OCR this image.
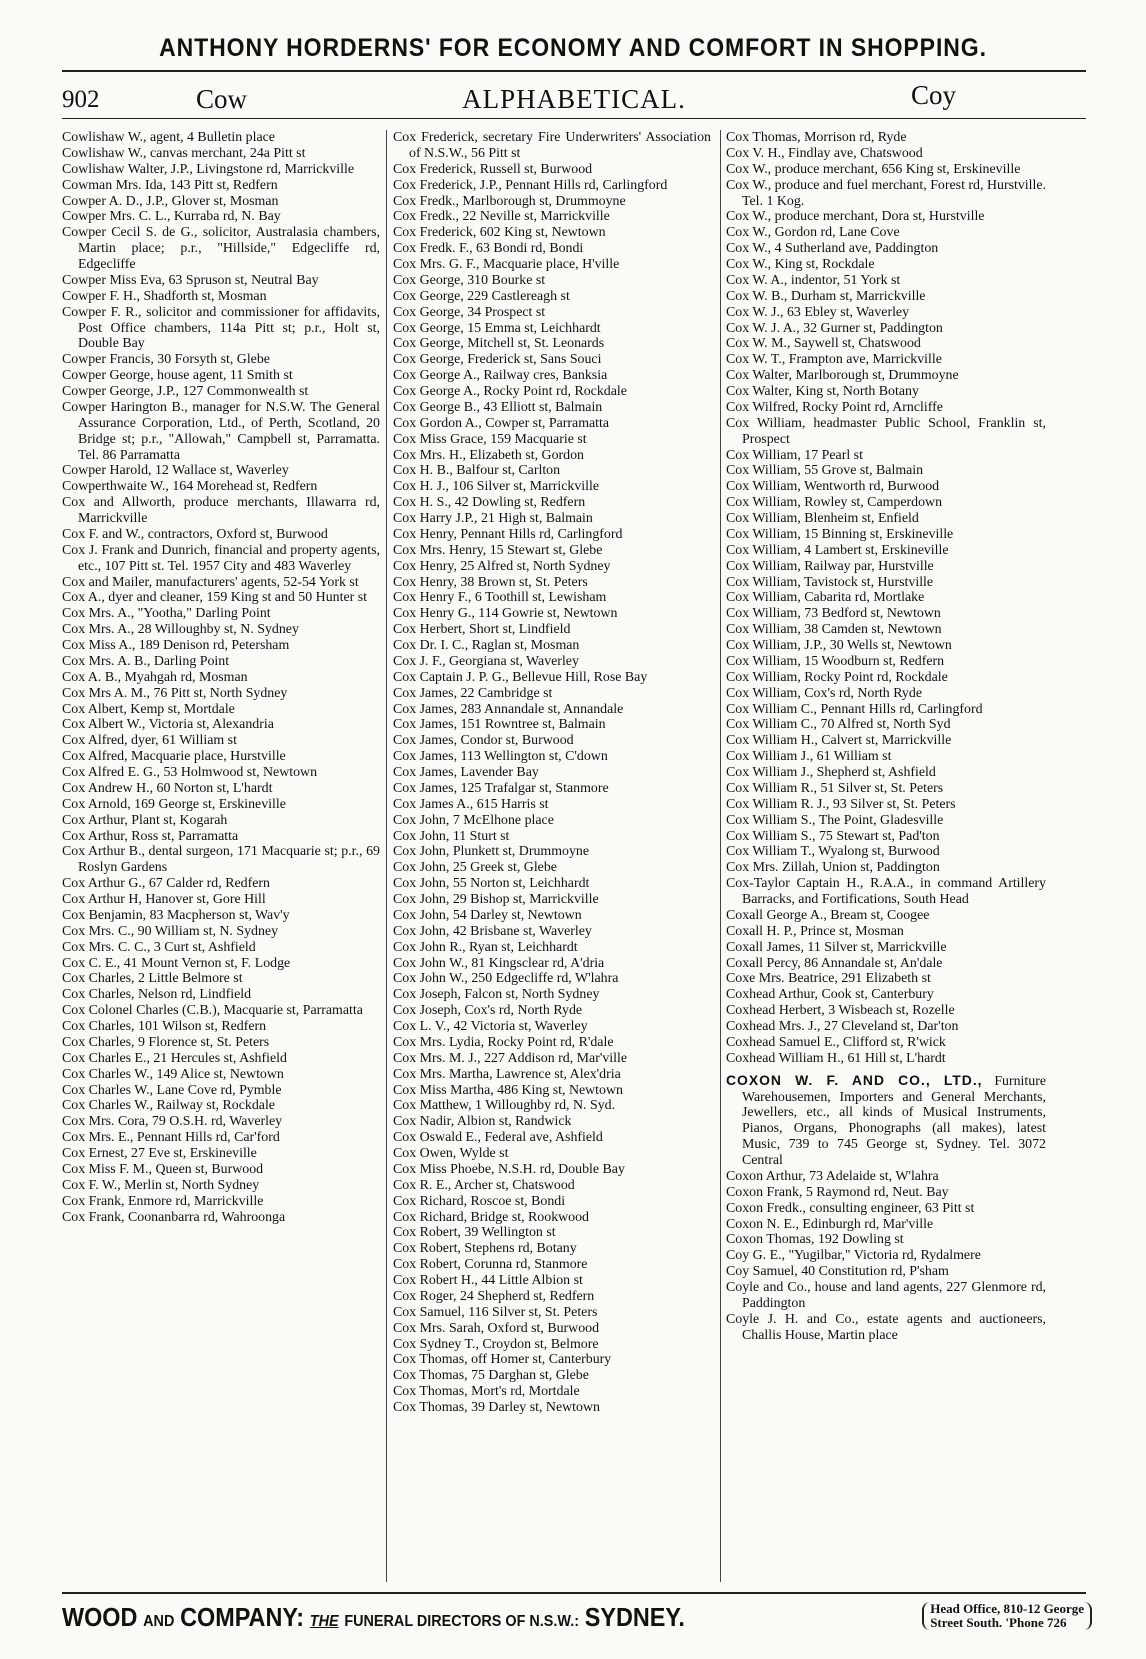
ANTHONY HORDERNS' FOR ECONOMY AND COMFORT IN SHOPPING.
902	Cow	ALPHABETICAL.	Coy

Cowlishaw W., agent, 4 Bulletin place

Cowlishaw W., canvas merchant, 24a Pitt st

Cowlishaw Walter, J.P., Livingstone rd, Marrickville

Cowman Mrs. Ida, 143 Pitt st, Redfern

Cowper A. D., J.P., Glover st, Mosman

Cowper Mrs. C. L., Kurraba rd, N. Bay

Cowper Cecil S. de G., solicitor, Australasia chambers, Martin place; p.r., "Hillside," Edgecliffe rd, Edgecliffe

Cowper Miss Eva, 63 Spruson st, Neutral Bay

Cowper F. H., Shadforth st, Mosman

Cowper F. R., solicitor and commissioner for affidavits, Post Office chambers, 114a Pitt st; p.r., Holt st, Double Bay

Cowper Francis, 30 Forsyth st, Glebe

Cowper George, house agent, 11 Smith st

Cowper George, J.P., 127 Commonwealth st

Cowper Harington B., manager for N.S.W. The General Assurance Corporation, Ltd., of Perth, Scotland, 20 Bridge st; p.r., "Allowah," Campbell st, Parramatta. Tel. 86 Parramatta

Cowper Harold, 12 Wallace st, Waverley

Cowperthwaite W., 164 Morehead st, Redfern

Cox and Allworth, produce merchants, Illawarra rd, Marrickville

Cox F. and W., contractors, Oxford st, Burwood

Cox J. Frank and Dunrich, financial and property agents, etc., 107 Pitt st. Tel. 1957 City and 483 Waverley

Cox and Mailer, manufacturers' agents, 52-54 York st

Cox A., dyer and cleaner, 159 King st and 50 Hunter st

Cox Mrs. A., "Yootha," Darling Point

Cox Mrs. A., 28 Willoughby st, N. Sydney

Cox Miss A., 189 Denison rd, Petersham

Cox Mrs. A. B., Darling Point

Cox A. B., Myahgah rd, Mosman

Cox Mrs A. M., 76 Pitt st, North Sydney

Cox Albert, Kemp st, Mortdale

Cox Albert W., Victoria st, Alexandria

Cox Alfred, dyer, 61 William st

Cox Alfred, Macquarie place, Hurstville

Cox Alfred E. G., 53 Holmwood st, Newtown

Cox Andrew H., 60 Norton st, L'hardt

Cox Arnold, 169 George st, Erskineville

Cox Arthur, Plant st, Kogarah

Cox Arthur, Ross st, Parramatta

Cox Arthur B., dental surgeon, 171 Macquarie st; p.r., 69 Roslyn Gardens

Cox Arthur G., 67 Calder rd, Redfern

Cox Arthur H, Hanover st, Gore Hill

Cox Benjamin, 83 Macpherson st, Wav'y

Cox Mrs. C., 90 William st, N. Sydney

Cox Mrs. C. C., 3 Curt st, Ashfield

Cox C. E., 41 Mount Vernon st, F. Lodge

Cox Charles, 2 Little Belmore st

Cox Charles, Nelson rd, Lindfield

Cox Colonel Charles (C.B.), Macquarie st, Parramatta

Cox Charles, 101 Wilson st, Redfern

Cox Charles, 9 Florence st, St. Peters

Cox Charles E., 21 Hercules st, Ashfield

Cox Charles W., 149 Alice st, Newtown

Cox Charles W., Lane Cove rd, Pymble

Cox Charles W., Railway st, Rockdale

Cox Mrs. Cora, 79 O.S.H. rd, Waverley

Cox Mrs. E., Pennant Hills rd, Car'ford

Cox Ernest, 27 Eve st, Erskineville

Cox Miss F. M., Queen st, Burwood

Cox F. W., Merlin st, North Sydney

Cox Frank, Enmore rd, Marrickville

Cox Frank, Coonanbarra rd, Wahroonga

Cox Frederick, secretary Fire Underwriters' Association of N.S.W., 56 Pitt st

Cox Frederick, Russell st, Burwood

Cox Frederick, J.P., Pennant Hills rd, Carlingford

Cox Fredk., Marlborough st, Drummoyne

Cox Fredk., 22 Neville st, Marrickville

Cox Frederick, 602 King st, Newtown

Cox Fredk. F., 63 Bondi rd, Bondi

Cox Mrs. G. F., Macquarie place, H'ville

Cox George, 310 Bourke st

Cox George, 229 Castlereagh st

Cox George, 34 Prospect st

Cox George, 15 Emma st, Leichhardt

Cox George, Mitchell st, St. Leonards

Cox George, Frederick st, Sans Souci

Cox George A., Railway cres, Banksia

Cox George A., Rocky Point rd, Rockdale

Cox George B., 43 Elliott st, Balmain

Cox Gordon A., Cowper st, Parramatta

Cox Miss Grace, 159 Macquarie st

Cox Mrs. H., Elizabeth st, Gordon

Cox H. B., Balfour st, Carlton

Cox H. J., 106 Silver st, Marrickville

Cox H. S., 42 Dowling st, Redfern

Cox Harry J.P., 21 High st, Balmain

Cox Henry, Pennant Hills rd, Carlingford

Cox Mrs. Henry, 15 Stewart st, Glebe

Cox Henry, 25 Alfred st, North Sydney

Cox Henry, 38 Brown st, St. Peters

Cox Henry F., 6 Toothill st, Lewisham

Cox Henry G., 114 Gowrie st, Newtown

Cox Herbert, Short st, Lindfield

Cox Dr. I. C., Raglan st, Mosman

Cox J. F., Georgiana st, Waverley

Cox Captain J. P. G., Bellevue Hill, Rose Bay

Cox James, 22 Cambridge st

Cox James, 283 Annandale st, Annandale

Cox James, 151 Rowntree st, Balmain

Cox James, Condor st, Burwood

Cox James, 113 Wellington st, C'down

Cox James, Lavender Bay

Cox James, 125 Trafalgar st, Stanmore

Cox James A., 615 Harris st

Cox John, 7 McElhone place

Cox John, 11 Sturt st

Cox John, Plunkett st, Drummoyne

Cox John, 25 Greek st, Glebe

Cox John, 55 Norton st, Leichhardt

Cox John, 29 Bishop st, Marrickville

Cox John, 54 Darley st, Newtown

Cox John, 42 Brisbane st, Waverley

Cox John R., Ryan st, Leichhardt

Cox John W., 81 Kingsclear rd, A'dria

Cox John W., 250 Edgecliffe rd, W'lahra

Cox Joseph, Falcon st, North Sydney

Cox Joseph, Cox's rd, North Ryde

Cox L. V., 42 Victoria st, Waverley

Cox Mrs. Lydia, Rocky Point rd, R'dale

Cox Mrs. M. J., 227 Addison rd, Mar'ville

Cox Mrs. Martha, Lawrence st, Alex'dria

Cox Miss Martha, 486 King st, Newtown

Cox Matthew, 1 Willoughby rd, N. Syd.

Cox Nadir, Albion st, Randwick

Cox Oswald E., Federal ave, Ashfield

Cox Owen, Wylde st

Cox Miss Phoebe, N.S.H. rd, Double Bay

Cox R. E., Archer st, Chatswood

Cox Richard, Roscoe st, Bondi

Cox Richard, Bridge st, Rookwood

Cox Robert, 39 Wellington st

Cox Robert, Stephens rd, Botany

Cox Robert, Corunna rd, Stanmore

Cox Robert H., 44 Little Albion st

Cox Roger, 24 Shepherd st, Redfern

Cox Samuel, 116 Silver st, St. Peters

Cox Mrs. Sarah, Oxford st, Burwood

Cox Sydney T., Croydon st, Belmore

Cox Thomas, off Homer st, Canterbury

Cox Thomas, 75 Darghan st, Glebe

Cox Thomas, Mort's rd, Mortdale

Cox Thomas, 39 Darley st, Newtown

Cox Thomas, Morrison rd, Ryde

Cox V. H., Findlay ave, Chatswood

Cox W., produce merchant, 656 King st, Erskineville

Cox W., produce and fuel merchant, Forest rd, Hurstville. Tel. 1 Kog.

Cox W., produce merchant, Dora st, Hurstville

Cox W., Gordon rd, Lane Cove

Cox W., 4 Sutherland ave, Paddington

Cox W., King st, Rockdale

Cox W. A., indentor, 51 York st

Cox W. B., Durham st, Marrickville

Cox W. J., 63 Ebley st, Waverley

Cox W. J. A., 32 Gurner st, Paddington

Cox W. M., Saywell st, Chatswood

Cox W. T., Frampton ave, Marrickville

Cox Walter, Marlborough st, Drummoyne

Cox Walter, King st, North Botany

Cox Wilfred, Rocky Point rd, Arncliffe

Cox William, headmaster Public School, Franklin st, Prospect

Cox William, 17 Pearl st

Cox William, 55 Grove st, Balmain

Cox William, Wentworth rd, Burwood

Cox William, Rowley st, Camperdown

Cox William, Blenheim st, Enfield

Cox William, 15 Binning st, Erskineville

Cox William, 4 Lambert st, Erskineville

Cox William, Railway par, Hurstville

Cox William, Tavistock st, Hurstville

Cox William, Cabarita rd, Mortlake

Cox William, 73 Bedford st, Newtown

Cox William, 38 Camden st, Newtown

Cox William, J.P., 30 Wells st, Newtown

Cox William, 15 Woodburn st, Redfern

Cox William, Rocky Point rd, Rockdale

Cox William, Cox's rd, North Ryde

Cox William C., Pennant Hills rd, Carlingford

Cox William C., 70 Alfred st, North Syd

Cox William H., Calvert st, Marrickville

Cox William J., 61 William st

Cox William J., Shepherd st, Ashfield

Cox William R., 51 Silver st, St. Peters

Cox William R. J., 93 Silver st, St. Peters

Cox William S., The Point, Gladesville

Cox William S., 75 Stewart st, Pad'ton

Cox William T., Wyalong st, Burwood

Cox Mrs. Zillah, Union st, Paddington

Cox-Taylor Captain H., R.A.A., in command Artillery Barracks, and Fortifications, South Head

Coxall George A., Bream st, Coogee

Coxall H. P., Prince st, Mosman

Coxall James, 11 Silver st, Marrickville

Coxall Percy, 86 Annandale st, An'dale

Coxe Mrs. Beatrice, 291 Elizabeth st

Coxhead Arthur, Cook st, Canterbury

Coxhead Herbert, 3 Wisbeach st, Rozelle

Coxhead Mrs. J., 27 Cleveland st, Dar'ton

Coxhead Samuel E., Clifford st, R'wick

Coxhead William H., 61 Hill st, L'hardt

COXON W. F. AND CO., LTD., Furniture Warehousemen, Importers and General Merchants, Jewellers, etc., all kinds of Musical Instruments, Pianos, Organs, Phonographs (all makes), latest Music, 739 to 745 George st, Sydney. Tel. 3072 Central

Coxon Arthur, 73 Adelaide st, W'lahra

Coxon Frank, 5 Raymond rd, Neut. Bay

Coxon Fredk., consulting engineer, 63 Pitt st

Coxon N. E., Edinburgh rd, Mar'ville

Coxon Thomas, 192 Dowling st

Coy G. E., "Yugilbar," Victoria rd, Rydalmere

Coy Samuel, 40 Constitution rd, P'sham

Coyle and Co., house and land agents, 227 Glenmore rd, Paddington

Coyle J. H. and Co., estate agents and auctioneers, Challis House, Martin place

WOOD AND COMPANY: THE FUNERAL DIRECTORS OF N.S.W.: SYDNEY.	Head Office, 810-12 George
Street South. 'Phone 726
